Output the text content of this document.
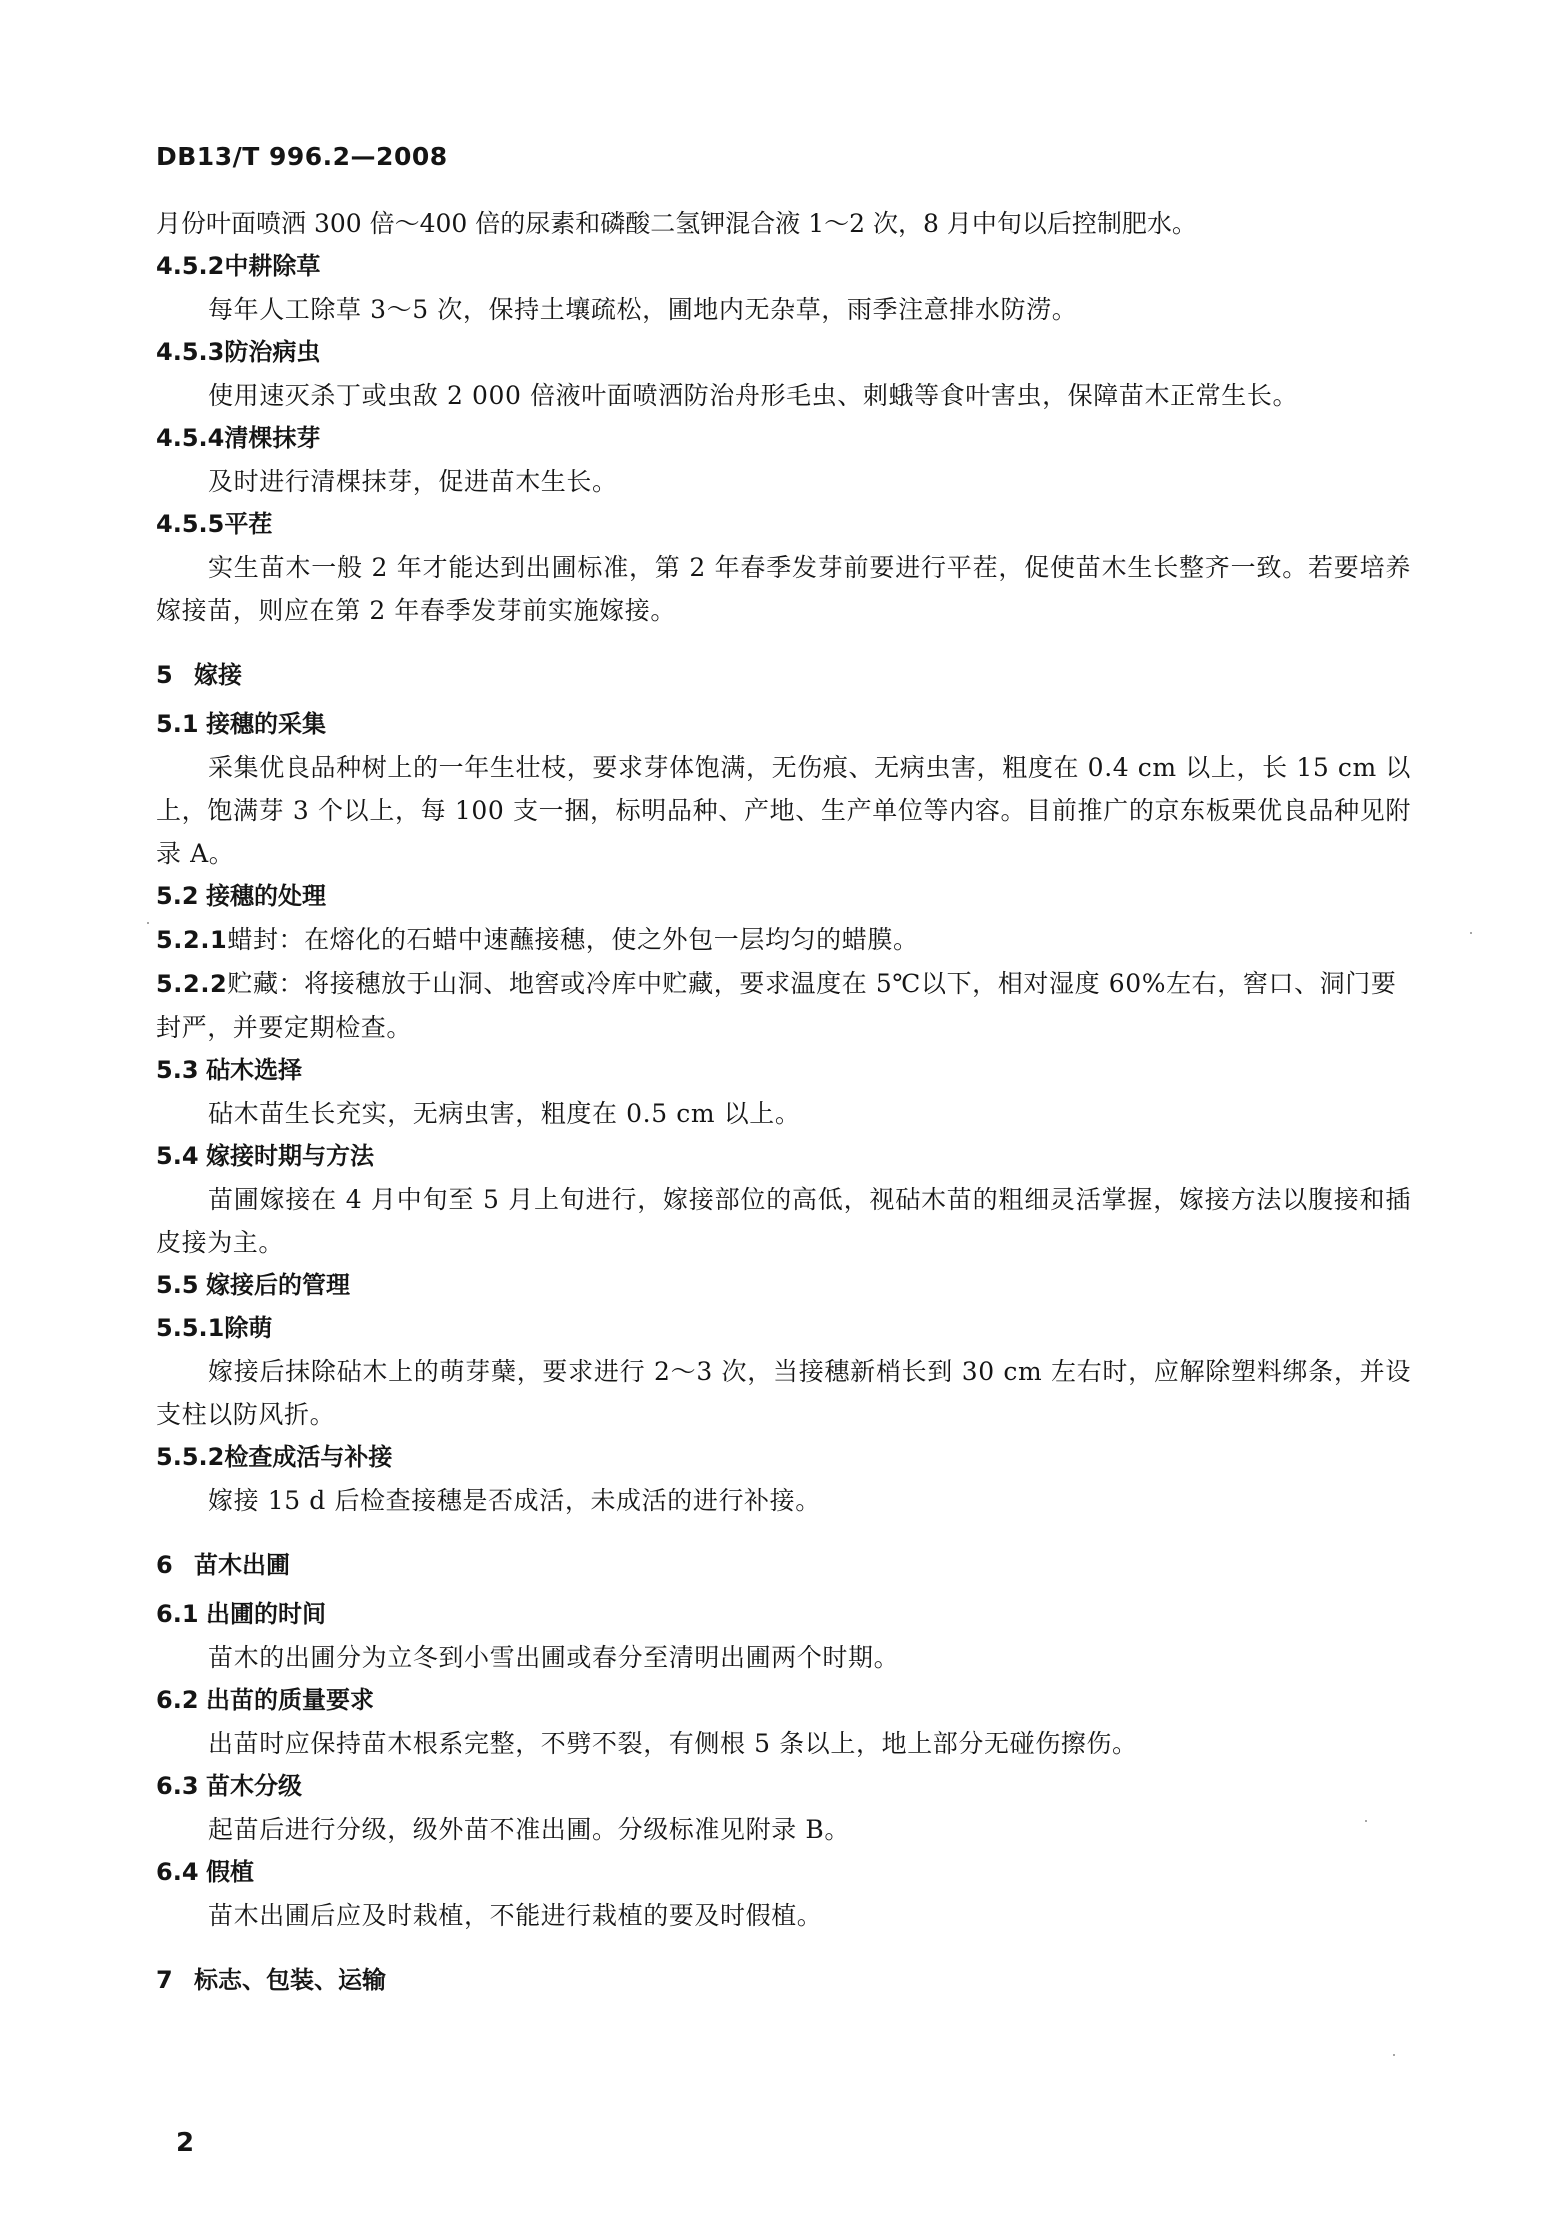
DB13/T 996.2—2008
月份叶面喷洒 300 倍～400 倍的尿素和磷酸二氢钾混合液 1～2 次，8 月中旬以后控制肥水。
4.5.2中耕除草
每年人工除草 3～5 次，保持土壤疏松，圃地内无杂草，雨季注意排水防涝。
4.5.3防治病虫
使用速灭杀丁或虫敌 2 000 倍液叶面喷洒防治舟形毛虫、刺蛾等食叶害虫，保障苗木正常生长。
4.5.4清棵抹芽
及时进行清棵抹芽，促进苗木生长。
4.5.5平茬
实生苗木一般 2 年才能达到出圃标准，第 2 年春季发芽前要进行平茬，促使苗木生长整齐一致。若要培养嫁接苗，则应在第 2 年春季发芽前实施嫁接。
5 嫁接
5.1 接穗的采集
采集优良品种树上的一年生壮枝，要求芽体饱满，无伤痕、无病虫害，粗度在 0.4 cm 以上，长 15 cm 以上，饱满芽 3 个以上，每 100 支一捆，标明品种、产地、生产单位等内容。目前推广的京东板栗优良品种见附录 A。
5.2 接穗的处理
5.2.1蜡封：在熔化的石蜡中速蘸接穗，使之外包一层均匀的蜡膜。
5.2.2贮藏：将接穗放于山洞、地窖或冷库中贮藏，要求温度在 5℃以下，相对湿度 60%左右，窖口、洞门要封严，并要定期检查。
5.3 砧木选择
砧木苗生长充实，无病虫害，粗度在 0.5 cm 以上。
5.4 嫁接时期与方法
苗圃嫁接在 4 月中旬至 5 月上旬进行，嫁接部位的高低，视砧木苗的粗细灵活掌握，嫁接方法以腹接和插皮接为主。
5.5 嫁接后的管理
5.5.1除萌
嫁接后抹除砧木上的萌芽蘖，要求进行 2～3 次，当接穗新梢长到 30 cm 左右时，应解除塑料绑条，并设支柱以防风折。
5.5.2检查成活与补接
嫁接 15 d 后检查接穗是否成活，未成活的进行补接。
6 苗木出圃
6.1 出圃的时间
苗木的出圃分为立冬到小雪出圃或春分至清明出圃两个时期。
6.2 出苗的质量要求
出苗时应保持苗木根系完整，不劈不裂，有侧根 5 条以上，地上部分无碰伤擦伤。
6.3 苗木分级
起苗后进行分级，级外苗不准出圃。分级标准见附录 B。
6.4 假植
苗木出圃后应及时栽植，不能进行栽植的要及时假植。
7 标志、包装、运输
2
